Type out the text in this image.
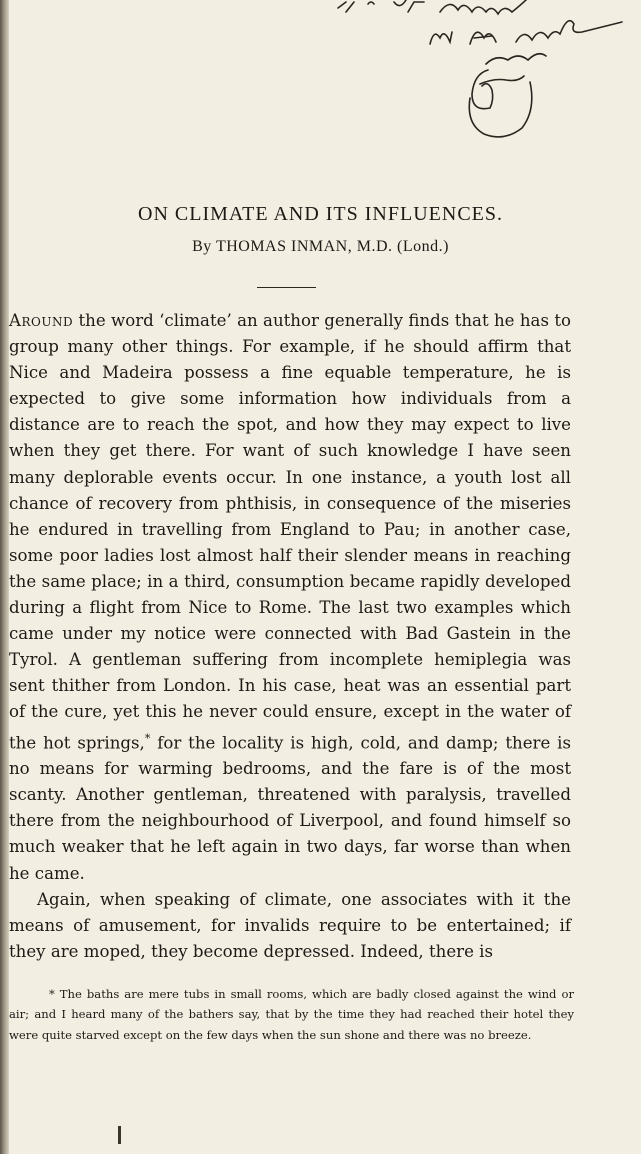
ON CLIMATE AND ITS INFLUENCES.
By THOMAS INMAN, M.D. (Lond.)

Around the word ‘climate’ an author generally finds that he has to group many other things. For example, if he should affirm that Nice and Madeira possess a fine equable temperature, he is expected to give some information how individuals from a distance are to reach the spot, and how they may expect to live when they get there. For want of such knowledge I have seen many deplorable events occur. In one instance, a youth lost all chance of recovery from phthisis, in consequence of the miseries he endured in travelling from England to Pau; in another case, some poor ladies lost almost half their slender means in reaching the same place; in a third, consumption became rapidly developed during a flight from Nice to Rome. The last two examples which came under my notice were connected with Bad Gastein in the Tyrol. A gentleman suffering from incomplete hemiplegia was sent thither from London. In his case, heat was an essential part of the cure, yet this he never could ensure, except in the water of the hot springs,* for the locality is high, cold, and damp; there is no means for warming bedrooms, and the fare is of the most scanty. Another gentleman, threatened with paralysis, travelled there from the neighbourhood of Liverpool, and found himself so much weaker that he left again in two days, far worse than when he came.

Again, when speaking of climate, one associates with it the means of amusement, for invalids require to be entertained; if they are moped, they become depressed. Indeed, there is

* The baths are mere tubs in small rooms, which are badly closed against the wind or air; and I heard many of the bathers say, that by the time they had reached their hotel they were quite starved except on the few days when the sun shone and there was no breeze.
